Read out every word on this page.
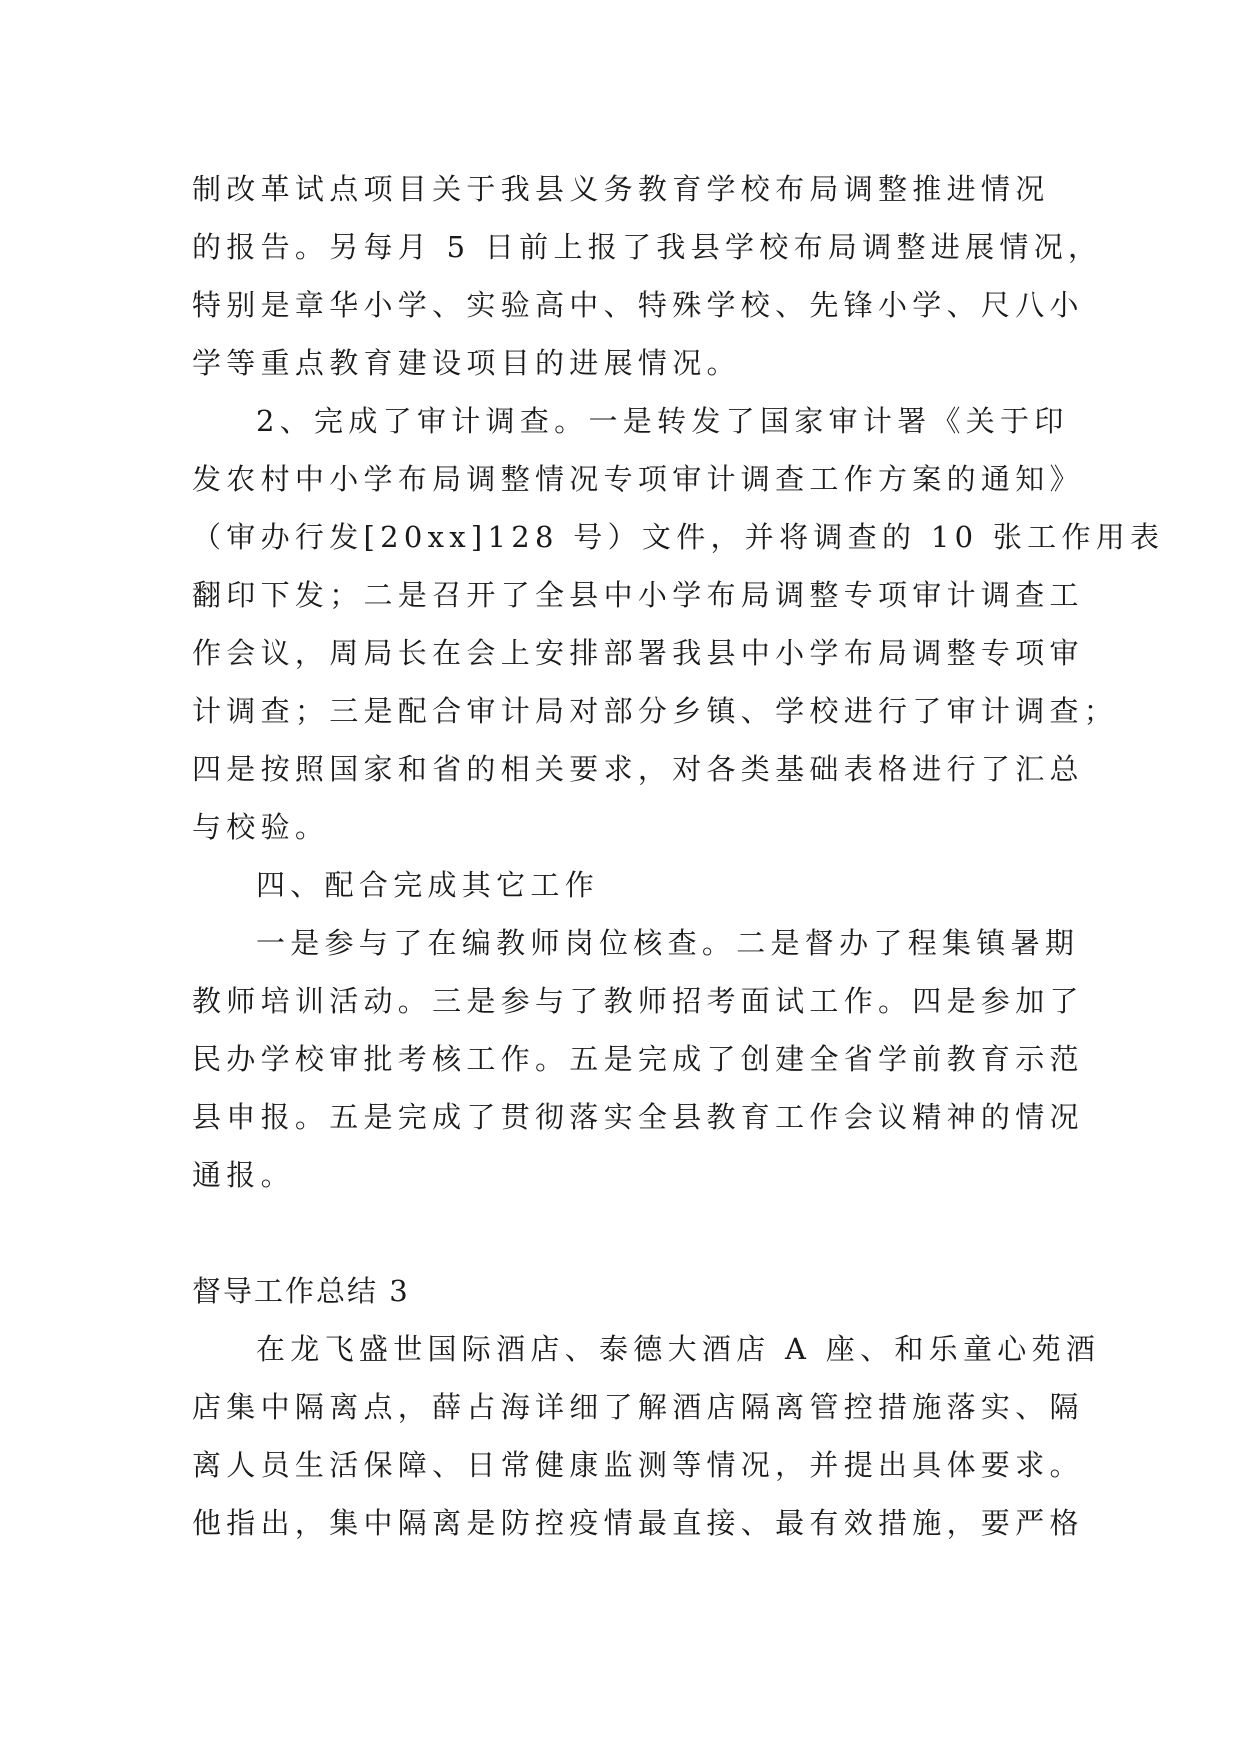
制改革试点项目关于我县义务教育学校布局调整推进情况
的报告。另每月 5 日前上报了我县学校布局调整进展情况，
特别是章华小学、实验高中、特殊学校、先锋小学、尺八小
学等重点教育建设项目的进展情况。
2、完成了审计调查。一是转发了国家审计署《关于印
发农村中小学布局调整情况专项审计调查工作方案的通知》
（审办行发[20xx]128 号）文件，并将调查的 10 张工作用表
翻印下发；二是召开了全县中小学布局调整专项审计调查工
作会议，周局长在会上安排部署我县中小学布局调整专项审
计调查；三是配合审计局对部分乡镇、学校进行了审计调查；
四是按照国家和省的相关要求，对各类基础表格进行了汇总
与校验。
四、配合完成其它工作
一是参与了在编教师岗位核查。二是督办了程集镇暑期
教师培训活动。三是参与了教师招考面试工作。四是参加了
民办学校审批考核工作。五是完成了创建全省学前教育示范
县申报。五是完成了贯彻落实全县教育工作会议精神的情况
通报。
督导工作总结 3
在龙飞盛世国际酒店、泰德大酒店 A 座、和乐童心苑酒
店集中隔离点，薛占海详细了解酒店隔离管控措施落实、隔
离人员生活保障、日常健康监测等情况，并提出具体要求。
他指出，集中隔离是防控疫情最直接、最有效措施，要严格
